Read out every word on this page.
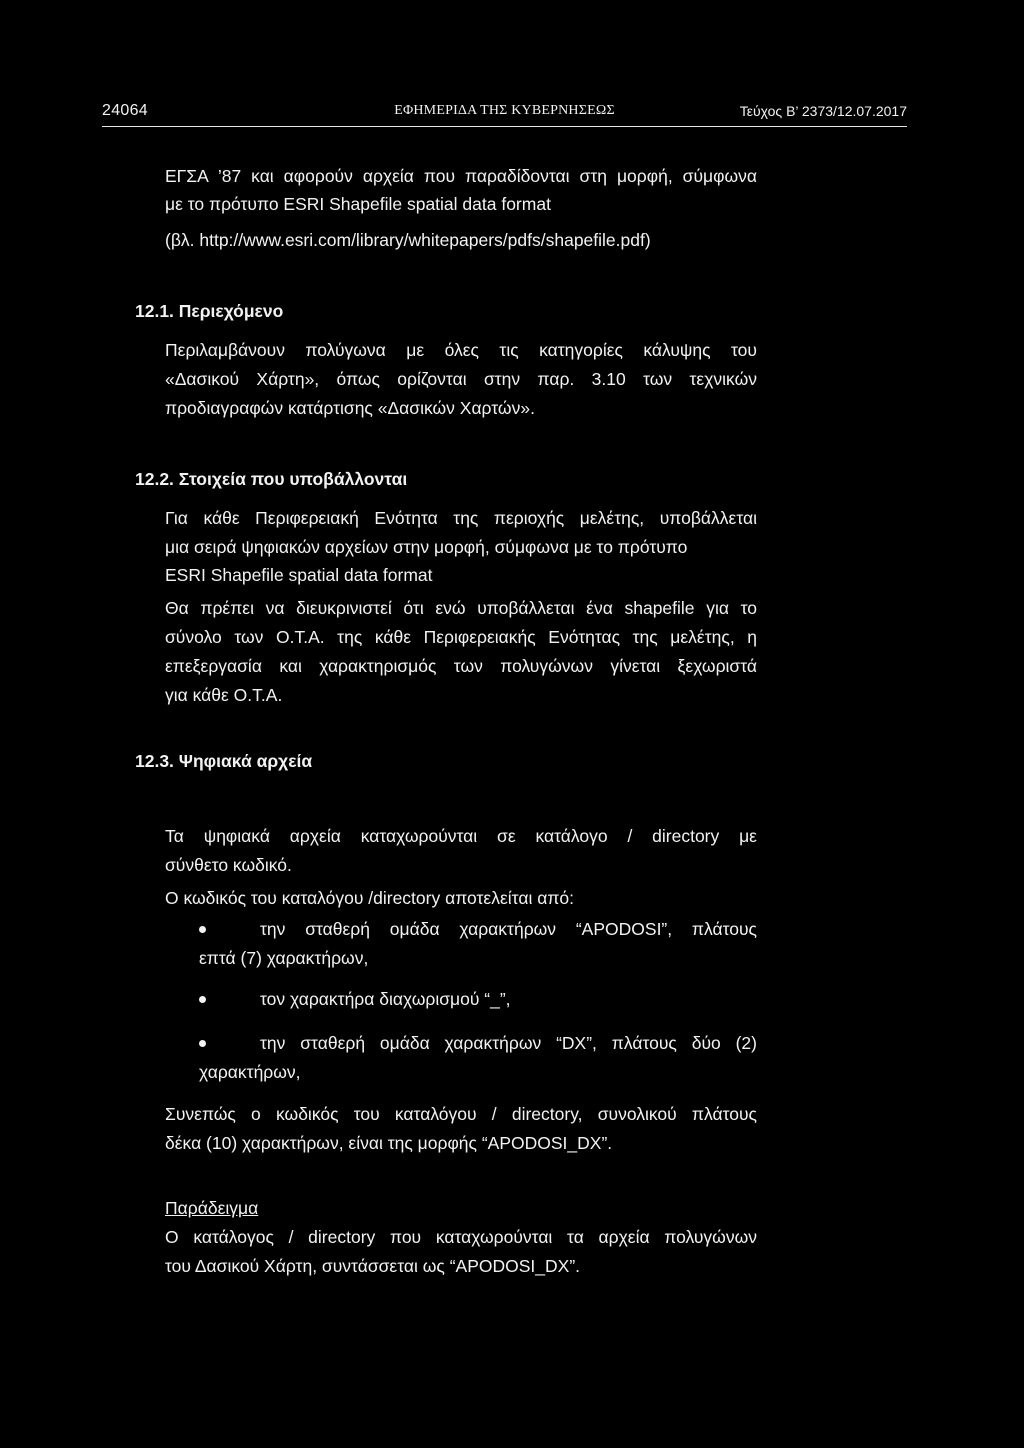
24064	ΕΦΗΜΕΡΙΔΑ ΤΗΣ ΚΥΒΕΡΝΗΣΕΩΣ	Τεύχος Β’ 2373/12.07.2017
ΕΓΣΑ ’87 και αφορούν αρχεία που παραδίδονται στη μορφή, σύμφωνα
με το πρότυπο ESRI Shapefile spatial data format
(βλ. http://www.esri.com/library/whitepapers/pdfs/shapefile.pdf)
12.1. Περιεχόμενο
Περιλαμβάνουν πολύγωνα με όλες τις κατηγορίες κάλυψης του
«Δασικού Χάρτη», όπως ορίζονται στην παρ. 3.10 των τεχνικών
προδιαγραφών κατάρτισης «Δασικών Χαρτών».
12.2. Στοιχεία που υποβάλλονται
Για κάθε Περιφερειακή Ενότητα της περιοχής μελέτης, υποβάλλεται
μια σειρά ψηφιακών αρχείων στην μορφή, σύμφωνα με το πρότυπο
ESRI Shapefile spatial data format
Θα πρέπει να διευκρινιστεί ότι ενώ υποβάλλεται ένα shapefile για το
σύνολο των Ο.Τ.Α. της κάθε Περιφερειακής Ενότητας της μελέτης, η
επεξεργασία και χαρακτηρισμός των πολυγώνων γίνεται ξεχωριστά
για κάθε Ο.Τ.Α.
12.3. Ψηφιακά αρχεία
Τα ψηφιακά αρχεία καταχωρούνται σε κατάλογο / directory με
σύνθετο κωδικό.
Ο κωδικός του καταλόγου /directory αποτελείται από:
την σταθερή ομάδα χαρακτήρων “APODOSI”, πλάτους
επτά (7) χαρακτήρων,
τον χαρακτήρα διαχωρισμού “_”,
την σταθερή ομάδα χαρακτήρων “DX”, πλάτους δύο (2)
χαρακτήρων,
Συνεπώς ο κωδικός του καταλόγου / directory, συνολικού πλάτους
δέκα (10) χαρακτήρων, είναι της μορφής “APODOSI_DX”.
Παράδειγμα
Ο κατάλογος / directory που καταχωρούνται τα αρχεία πολυγώνων
του Δασικού Χάρτη, συντάσσεται ως “APODOSI_DX”.
